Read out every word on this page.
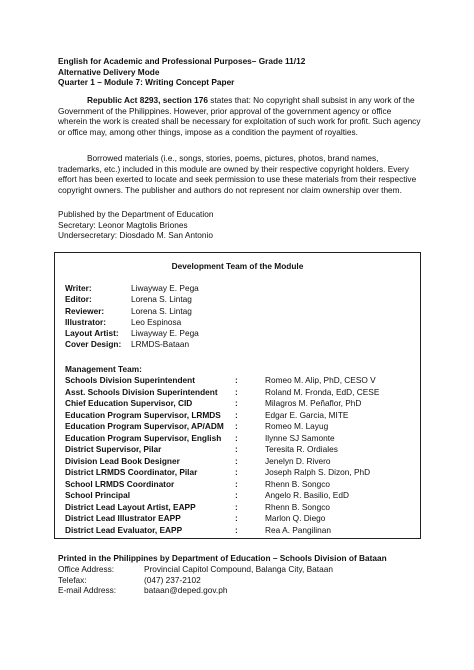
English for Academic and Professional Purposes– Grade 11/12
Alternative Delivery Mode
Quarter 1 – Module 7: Writing Concept Paper
Republic Act 8293, section 176 states that: No copyright shall subsist in any work of the Government of the Philippines. However, prior approval of the government agency or office wherein the work is created shall be necessary for exploitation of such work for profit. Such agency or office may, among other things, impose as a condition the payment of royalties.
Borrowed materials (i.e., songs, stories, poems, pictures, photos, brand names, trademarks, etc.) included in this module are owned by their respective copyright holders. Every effort has been exerted to locate and seek permission to use these materials from their respective copyright owners. The publisher and authors do not represent nor claim ownership over them.
Published by the Department of Education
Secretary: Leonor Magtolis Briones
Undersecretary: Diosdado M. San Antonio
Development Team of the Module
Writer:	Liwayway E. Pega
Editor:	Lorena S. Lintag
Reviewer:	Lorena S. Lintag
Illustrator:	Leo Espinosa
Layout Artist: Liwayway E. Pega
Cover Design: LRMDS-Bataan
Management Team:
Schools Division Superintendent	:	Romeo M. Alip, PhD, CESO V
Asst. Schools Division Superintendent :	Roland M. Fronda, EdD, CESE
Chief Education Supervisor, CID	:	Milagros M. Peñaflor, PhD
Education Program Supervisor, LRMDS :	Edgar E. Garcia, MITE
Education Program Supervisor, AP/ADM :	Romeo M. Layug
Education Program Supervisor, English :	Ilynne SJ Samonte
District Supervisor, Pilar	:	Teresita R. Ordiales
Division Lead Book Designer	:	Jenelyn D. Rivero
District LRMDS Coordinator, Pilar	:	Joseph Ralph S. Dizon, PhD
School LRMDS Coordinator	:	Rhenn B. Songco
School Principal	:	Angelo R. Basilio, EdD
District Lead Layout Artist, EAPP	:	Rhenn B. Songco
District Lead Illustrator EAPP	:	Marlon Q. Diego
District Lead Evaluator, EAPP	:	Rea A. Pangilinan
Printed in the Philippines by Department of Education – Schools Division of Bataan
Office Address:	Provincial Capitol Compound, Balanga City, Bataan
Telefax:	(047) 237-2102
E-mail Address:	bataan@deped.gov.ph
